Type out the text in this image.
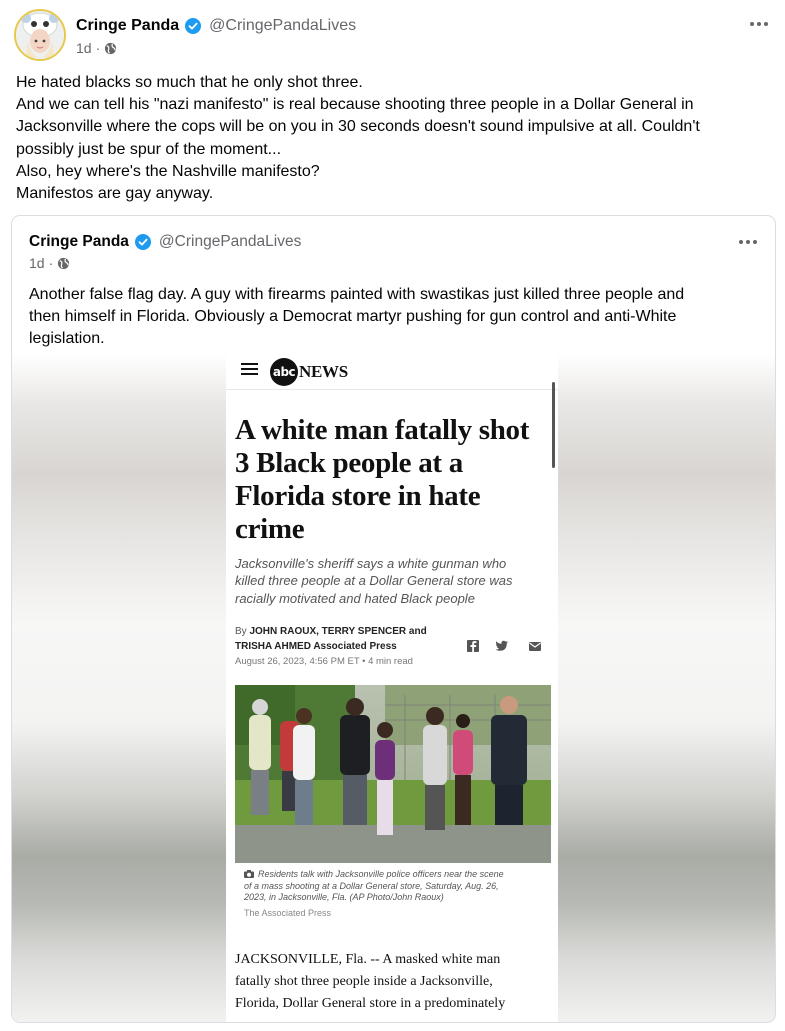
Cringe Panda @CringePandaLives
1d ·
He hated blacks so much that he only shot three.
And we can tell his "nazi manifesto" is real because shooting three people in a Dollar General in
Jacksonville where the cops will be on you in 30 seconds doesn't sound impulsive at all. Couldn't
possibly just be spur of the moment...
Also, hey where's the Nashville manifesto?
Manifestos are gay anyway.
Cringe Panda @CringePandaLives
1d ·
Another false flag day. A guy with firearms painted with swastikas just killed three people and
then himself in Florida. Obviously a Democrat martyr pushing for gun control and anti-White
legislation.
abc NEWS
A white man fatally shot
3 Black people at a
Florida store in hate
crime
Jacksonville's sheriff says a white gunman who
killed three people at a Dollar General store was
racially motivated and hated Black people
By JOHN RAOUX, TERRY SPENCER and
TRISHA AHMED Associated Press
August 26, 2023, 4:56 PM ET • 4 min read
Residents talk with Jacksonville police officers near the scene
of a mass shooting at a Dollar General store, Saturday, Aug. 26,
2023, in Jacksonville, Fla. (AP Photo/John Raoux)
The Associated Press
JACKSONVILLE, Fla. -- A masked white man
fatally shot three people inside a Jacksonville,
Florida, Dollar General store in a predominately
